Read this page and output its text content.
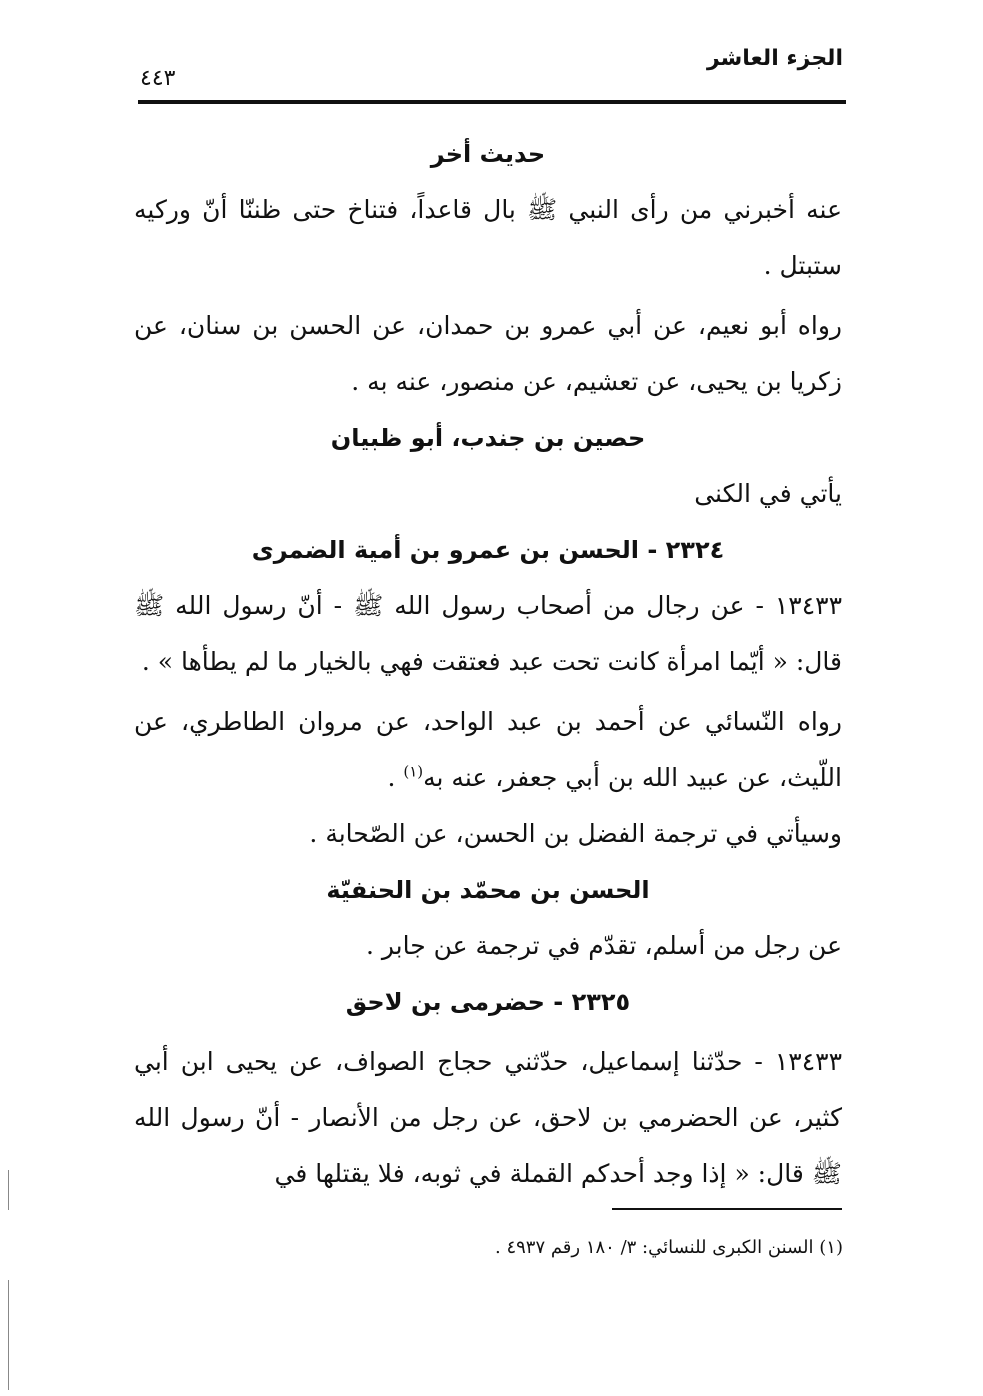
الجزء العاشر
٤٤٣
حديث أخر

عنه أخبرني من رأى النبي ﷺ بال قاعداً، فتناخ حتى ظننّا أنّ وركيه ستبتل .

رواه أبو نعيم، عن أبي عمرو بن حمدان، عن الحسن بن سنان، عن زكريا بن يحيى، عن تعشيم، عن منصور، عنه به .

حصين بن جندب، أبو ظبيان

يأتي في الكنى

٢٣٢٤ - الحسن بن عمرو بن أمية الضمرى

١٣٤٣٣ - عن رجال من أصحاب رسول الله ﷺ - أنّ رسول الله ﷺ قال: « أيّما امرأة كانت تحت عبد فعتقت فهي بالخيار ما لم يطأها » .

رواه النّسائي عن أحمد بن عبد الواحد، عن مروان الطاطري، عن اللّيث، عن عبيد الله بن أبي جعفر، عنه به$^{(١)}$ .

وسيأتي في ترجمة الفضل بن الحسن، عن الصّحابة .

الحسن بن محمّد بن الحنفيّة

عن رجل من أسلم، تقدّم في ترجمة عن جابر .

٢٣٢٥ - حضرمى بن لاحق

١٣٤٣٣ - حدّثنا إسماعيل، حدّثني حجاج الصواف، عن يحيى ابن أبي كثير، عن الحضرمي بن لاحق، عن رجل من الأنصار - أنّ رسول الله ﷺ قال: « إذا وجد أحدكم القملة في ثوبه، فلا يقتلها في

(١) السنن الكبرى للنسائي: ٣/ ١٨٠ رقم ٤٩٣٧ .
